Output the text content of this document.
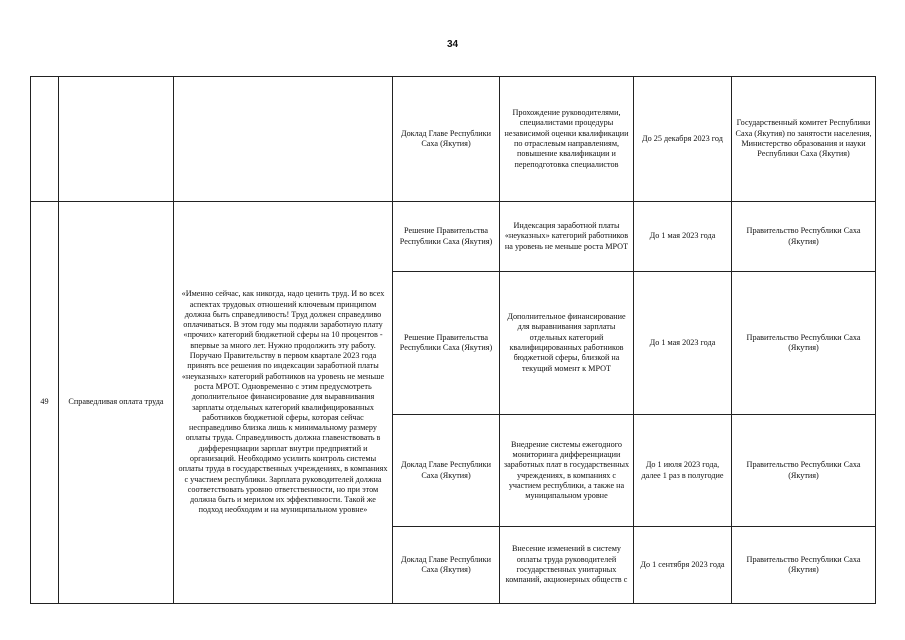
34
			Доклад Главе Республики Саха (Якутия)	Прохождение руководителями, специалистами процедуры независимой оценки квалификации по отраслевым направлениям, повышение квалификации и переподготовка специалистов	До 25 декабря 2023 год	Государственный комитет Республики Саха (Якутия) по занятости населения, Министерство образования и науки Республики Саха (Якутия)
49	Справедливая оплата труда	«Именно сейчас, как никогда, надо ценить труд. И во всех аспектах трудовых отношений ключевым принципом должна быть справедливость! Труд должен справедливо оплачиваться. В этом году мы подняли заработную плату «прочих» категорий бюджетной сферы на 10 процентов - впервые за много лет. Нужно продолжить эту работу. Поручаю Правительству в первом квартале 2023 года принять все решения по индексации заработной платы «неуказных» категорий работников на уровень не меньше роста МРОТ. Одновременно с этим предусмотреть дополнительное финансирование для выравнивания зарплаты отдельных категорий квалифицированных работников бюджетной сферы, которая сейчас несправедливо близка лишь к минимальному размеру оплаты труда. Справедливость должна главенствовать в дифференциации зарплат внутри предприятий и организаций. Необходимо усилить контроль системы оплаты труда в государственных учреждениях, в компаниях с участием республики. Зарплата руководителей должна соответствовать уровню ответственности, но при этом должна быть и мерилом их эффективности. Такой же подход необходим и на муниципальном уровне»	Решение Правительства Республики Саха (Якутия)	Индексация заработной платы «неуказных» категорий работников на уровень не меньше роста МРОТ	До 1 мая 2023 года	Правительство Республики Саха (Якутия)
			Решение Правительства Республики Саха (Якутия)	Дополнительное финансирование для выравнивания зарплаты отдельных категорий квалифицированных работников бюджетной сферы, близкой на текущий момент к МРОТ	До 1 мая 2023 года	Правительство Республики Саха (Якутия)
			Доклад Главе Республики Саха (Якутия)	Внедрение системы ежегодного мониторинга дифференциации заработных плат в государственных учреждениях, в компаниях с участием республики, а также на муниципальном уровне	До 1 июля 2023 года, далее 1 раз в полугодие	Правительство Республики Саха (Якутия)
			Доклад Главе Республики Саха (Якутия)	Внесение изменений в систему оплаты труда руководителей государственных унитарных компаний, акционерных обществ с	До 1 сентября 2023 года	Правительство Республики Саха (Якутия)
